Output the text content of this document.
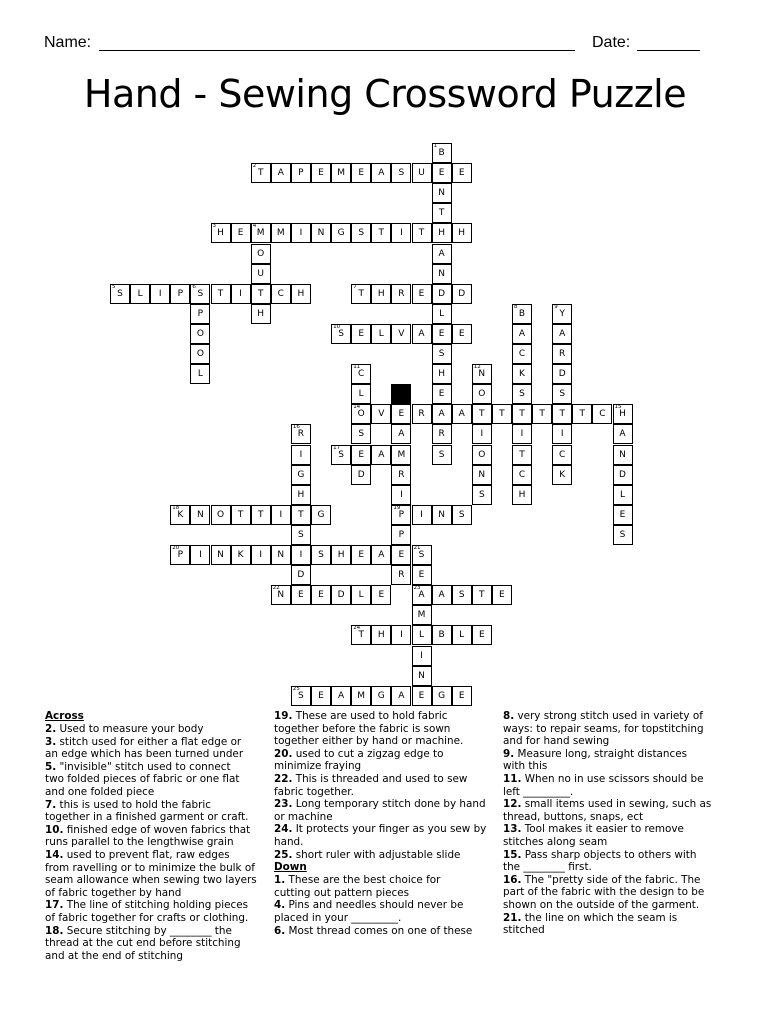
Name:	Date:
Hand - Sewing Crossword Puzzle
1
B
E
N
T
H
A
N
D
L
E
S
H
E
A
R
S
2
T	A	P	E	M	E	A	S	U	E
3
H	E
4
M	M	I	N	G	S	T	I	T	H
O
U
T
H
5
S	L	I	P
6
S	T	I	C	H
P
O
O
L
7
T	H	R	E	D
8
B
A
C
K
S
T
I
T
C
H
9
Y
A
R
D
S
T
I
C
K
10
S	E	L	V	A	E
11
C
L
14
O
S
E
D
12
N
O
T
I
O
N
S
E
A
M
R
I
19
P
P
E
R
V	R	A	T	T	T	C
15
H
A
N
D
L
E
S
16
R
I
G
H
T
S
I
D
E
17
S	A
18
K	N	O	T	T	I	G	I	N	S
20
P	I	N	K	I	N	S	H	E	A
21
S
E
23
A
M
L
I
N
E
22
N	E	D	L	E	A	S	T	E
24
T	H	I	B	L	E
25
S	E	A	M	G	A	G	E
Across

2. Used to measure your body

3. stitch used for either a flat edge or
an edge which has been turned under

5. "invisible" stitch used to connect
two folded pieces of fabric or one flat
and one folded piece

7. this is used to hold the fabric
together in a finished garment or craft.

10. finished edge of woven fabrics that
runs parallel to the lengthwise grain

14. used to prevent flat, raw edges
from ravelling or to minimize the bulk of
seam allowance when sewing two layers
of fabric together by hand

17. The line of stitching holding pieces
of fabric together for crafts or clothing.

18. Secure stitching by ________ the
thread at the cut end before stitching
and at the end of stitching

19. These are used to hold fabric
together before the fabric is sown
together either by hand or machine.

20. used to cut a zigzag edge to
minimize fraying

22. This is threaded and used to sew
fabric together.

23. Long temporary stitch done by hand
or machine

24. It protects your finger as you sew by
hand.

25. short ruler with adjustable slide

Down

1. These are the best choice for
cutting out pattern pieces

4. Pins and needles should never be
placed in your _________.

6. Most thread comes on one of these

8. very strong stitch used in variety of
ways: to repair seams, for topstitching
and for hand sewing

9. Measure long, straight distances
with this

11. When no in use scissors should be
left _________.

12. small items used in sewing, such as
thread, buttons, snaps, ect

13. Tool makes it easier to remove
stitches along seam

15. Pass sharp objects to others with
the ________ first.

16. The "pretty side of the fabric. The
part of the fabric with the design to be
shown on the outside of the garment.

21. the line on which the seam is
stitched
